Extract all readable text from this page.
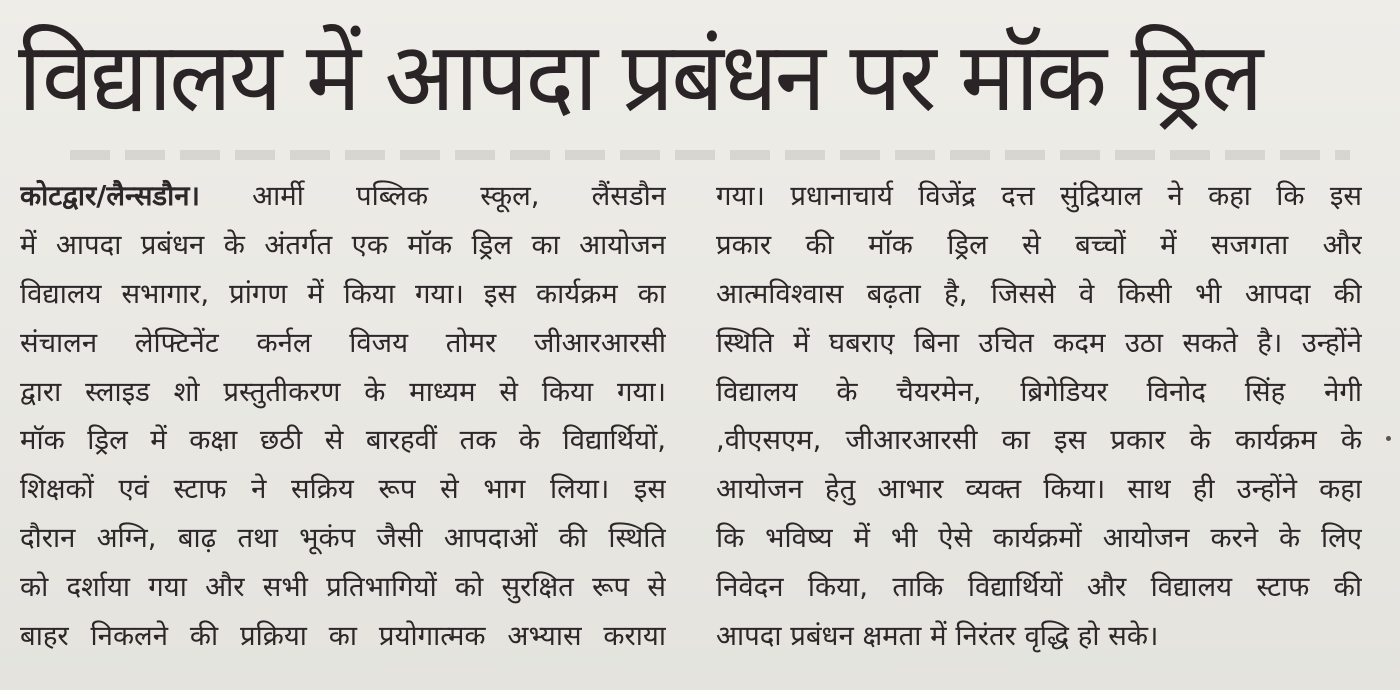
विद्यालय में आपदा प्रबंधन पर मॉक ड्रिल
कोटद्वार/लैन्सडौन। आर्मी पब्लिक स्कूल, लैंसडौन
में आपदा प्रबंधन के अंतर्गत एक मॉक ड्रिल का आयोजन
विद्यालय सभागार, प्रांगण में किया गया। इस कार्यक्रम का
संचालन लेफ्टिनेंट कर्नल विजय तोमर जीआरआरसी
द्वारा स्लाइड शो प्रस्तुतीकरण के माध्यम से किया गया।
मॉक ड्रिल में कक्षा छठी से बारहवीं तक के विद्यार्थियों,
शिक्षकों एवं स्टाफ ने सक्रिय रूप से भाग लिया। इस
दौरान अग्नि, बाढ़ तथा भूकंप जैसी आपदाओं की स्थिति
को दर्शाया गया और सभी प्रतिभागियों को सुरक्षित रूप से
बाहर निकलने की प्रक्रिया का प्रयोगात्मक अभ्यास कराया
गया। प्रधानाचार्य विजेंद्र दत्त सुंद्रियाल ने कहा कि इस
प्रकार की मॉक ड्रिल से बच्चों में सजगता और
आत्मविश्वास बढ़ता है, जिससे वे किसी भी आपदा की
स्थिति में घबराए बिना उचित कदम उठा सकते है। उन्होंने
विद्यालय के चैयरमेन, ब्रिगेडियर विनोद सिंह नेगी
,वीएसएम, जीआरआरसी का इस प्रकार के कार्यक्रम के
आयोजन हेतु आभार व्यक्त किया। साथ ही उन्होंने कहा
कि भविष्य में भी ऐसे कार्यक्रमों आयोजन करने के लिए
निवेदन किया, ताकि विद्यार्थियों और विद्यालय स्टाफ की
आपदा प्रबंधन क्षमता में निरंतर वृद्धि हो सके।
